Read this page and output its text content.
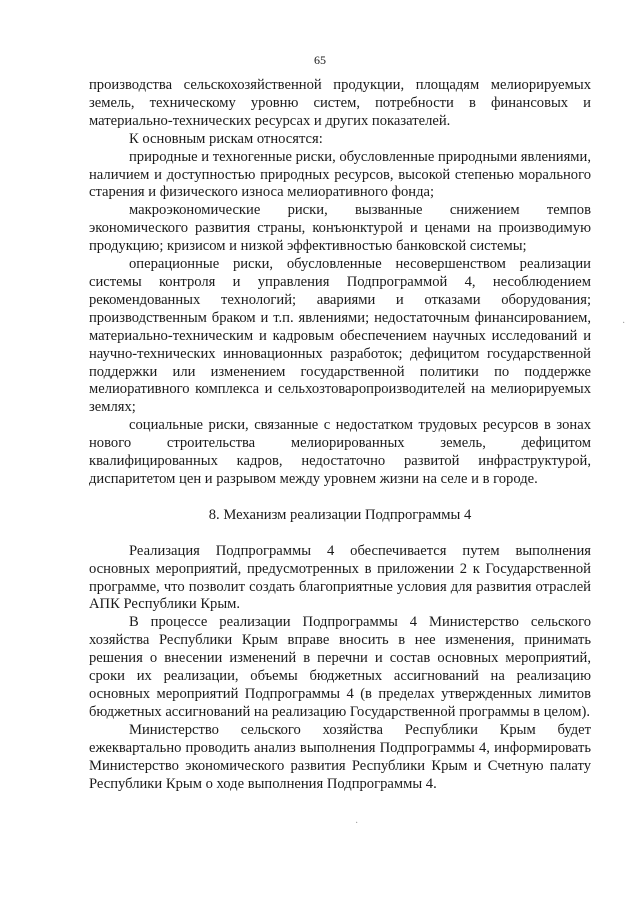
65

производства сельскохозяйственной продукции, площадям мелиорируемых земель, техническому уровню систем, потребности в финансовых и материально-технических ресурсах и других показателей.

К основным рискам относятся:

природные и техногенные риски, обусловленные природными явлениями, наличием и доступностью природных ресурсов, высокой степенью морального старения и физического износа мелиоративного фонда;

макроэкономические риски, вызванные снижением темпов экономического развития страны, конъюнктурой и ценами на производимую продукцию; кризисом и низкой эффективностью банковской системы;

операционные риски, обусловленные несовершенством реализации системы контроля и управления Подпрограммой 4, несоблюдением рекомендованных технологий; авариями и отказами оборудования; производственным браком и т.п. явлениями; недостаточным финансированием, материально-техническим и кадровым обеспечением научных исследований и научно-технических инновационных разработок; дефицитом государственной поддержки или изменением государственной политики по поддержке мелиоративного комплекса и сельхозтоваропроизводителей на мелиорируемых землях;

социальные риски, связанные с недостатком трудовых ресурсов в зонах нового строительства мелиорированных земель, дефицитом квалифицированных кадров, недостаточно развитой инфраструктурой, диспаритетом цен и разрывом между уровнем жизни на селе и в городе.

8. Механизм реализации Подпрограммы 4

Реализация Подпрограммы 4 обеспечивается путем выполнения основных мероприятий, предусмотренных в приложении 2 к Государственной программе, что позволит создать благоприятные условия для развития отраслей АПК Республики Крым.

В процессе реализации Подпрограммы 4 Министерство сельского хозяйства Республики Крым вправе вносить в нее изменения, принимать решения о внесении изменений в перечни и состав основных мероприятий, сроки их реализации, объемы бюджетных ассигнований на реализацию основных мероприятий Подпрограммы 4 (в пределах утвержденных лимитов бюджетных ассигнований на реализацию Государственной программы в целом).

Министерство сельского хозяйства Республики Крым будет ежеквартально проводить анализ выполнения Подпрограммы 4, информировать Министерство экономического развития Республики Крым и Счетную палату Республики Крым о ходе выполнения Подпрограммы 4.

·
·
